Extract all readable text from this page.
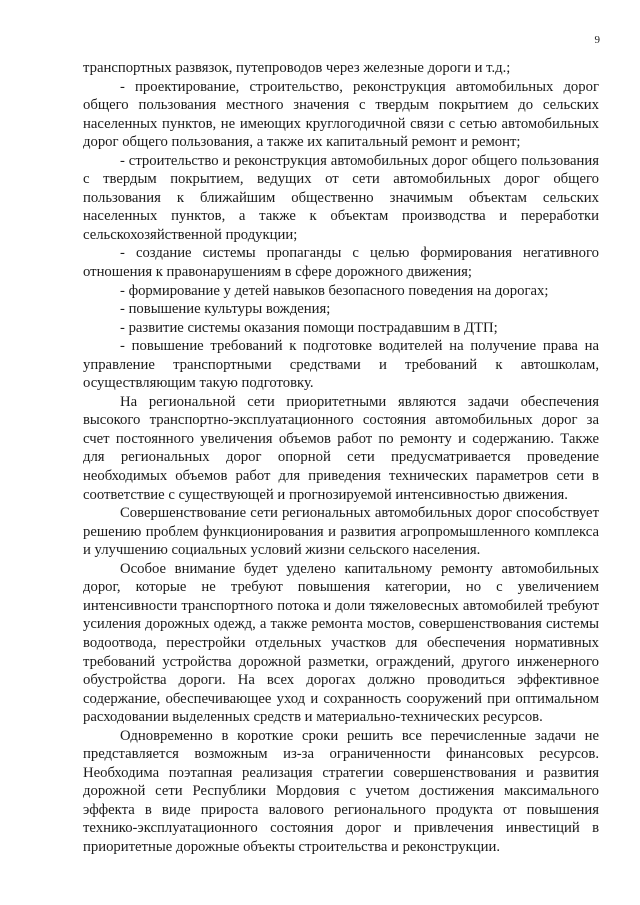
9

транспортных развязок, путепроводов через железные дороги и т.д.;

- проектирование, строительство, реконструкция автомобильных дорог общего пользования местного значения с твердым покрытием до сельских населенных пунктов, не имеющих круглогодичной связи с сетью автомобильных дорог общего пользования, а также их капитальный ремонт и ремонт;

- строительство и реконструкция автомобильных дорог общего пользования с твердым покрытием, ведущих от сети автомобильных дорог общего пользования к ближайшим общественно значимым объектам сельских населенных пунктов, а также к объектам производства и переработки сельскохозяйственной продукции;

- создание системы пропаганды с целью формирования негативного отношения к правонарушениям в сфере дорожного движения;

- формирование у детей навыков безопасного поведения на дорогах;

- повышение культуры вождения;

- развитие системы оказания помощи пострадавшим в ДТП;

- повышение требований к подготовке водителей на получение права на управление транспортными средствами и требований к автошколам, осуществляющим такую подготовку.

На региональной сети приоритетными являются задачи обеспечения высокого транспортно-эксплуатационного состояния автомобильных дорог за счет постоянного увеличения объемов работ по ремонту и содержанию. Также для региональных дорог опорной сети предусматривается проведение необходимых объемов работ для приведения технических параметров сети в соответствие с существующей и прогнозируемой интенсивностью движения.

Совершенствование сети региональных автомобильных дорог способствует решению проблем функционирования и развития агропромышленного комплекса и улучшению социальных условий жизни сельского населения.

Особое внимание будет уделено капитальному ремонту автомобильных дорог, которые не требуют повышения категории, но с увеличением интенсивности транспортного потока и доли тяжеловесных автомобилей требуют усиления дорожных одежд, а также ремонта мостов, совершенствования системы водоотвода, перестройки отдельных участков для обеспечения нормативных требований устройства дорожной разметки, ограждений, другого инженерного обустройства дороги. На всех дорогах должно проводиться эффективное содержание, обеспечивающее уход и сохранность сооружений при оптимальном расходовании выделенных средств и материально-технических ресурсов.

Одновременно в короткие сроки решить все перечисленные задачи не представляется возможным из-за ограниченности финансовых ресурсов. Необходима поэтапная реализация стратегии совершенствования и развития дорожной сети Республики Мордовия с учетом достижения максимального эффекта в виде прироста валового регионального продукта от повышения технико-эксплуатационного состояния дорог и привлечения инвестиций в приоритетные дорожные объекты строительства и реконструкции.
